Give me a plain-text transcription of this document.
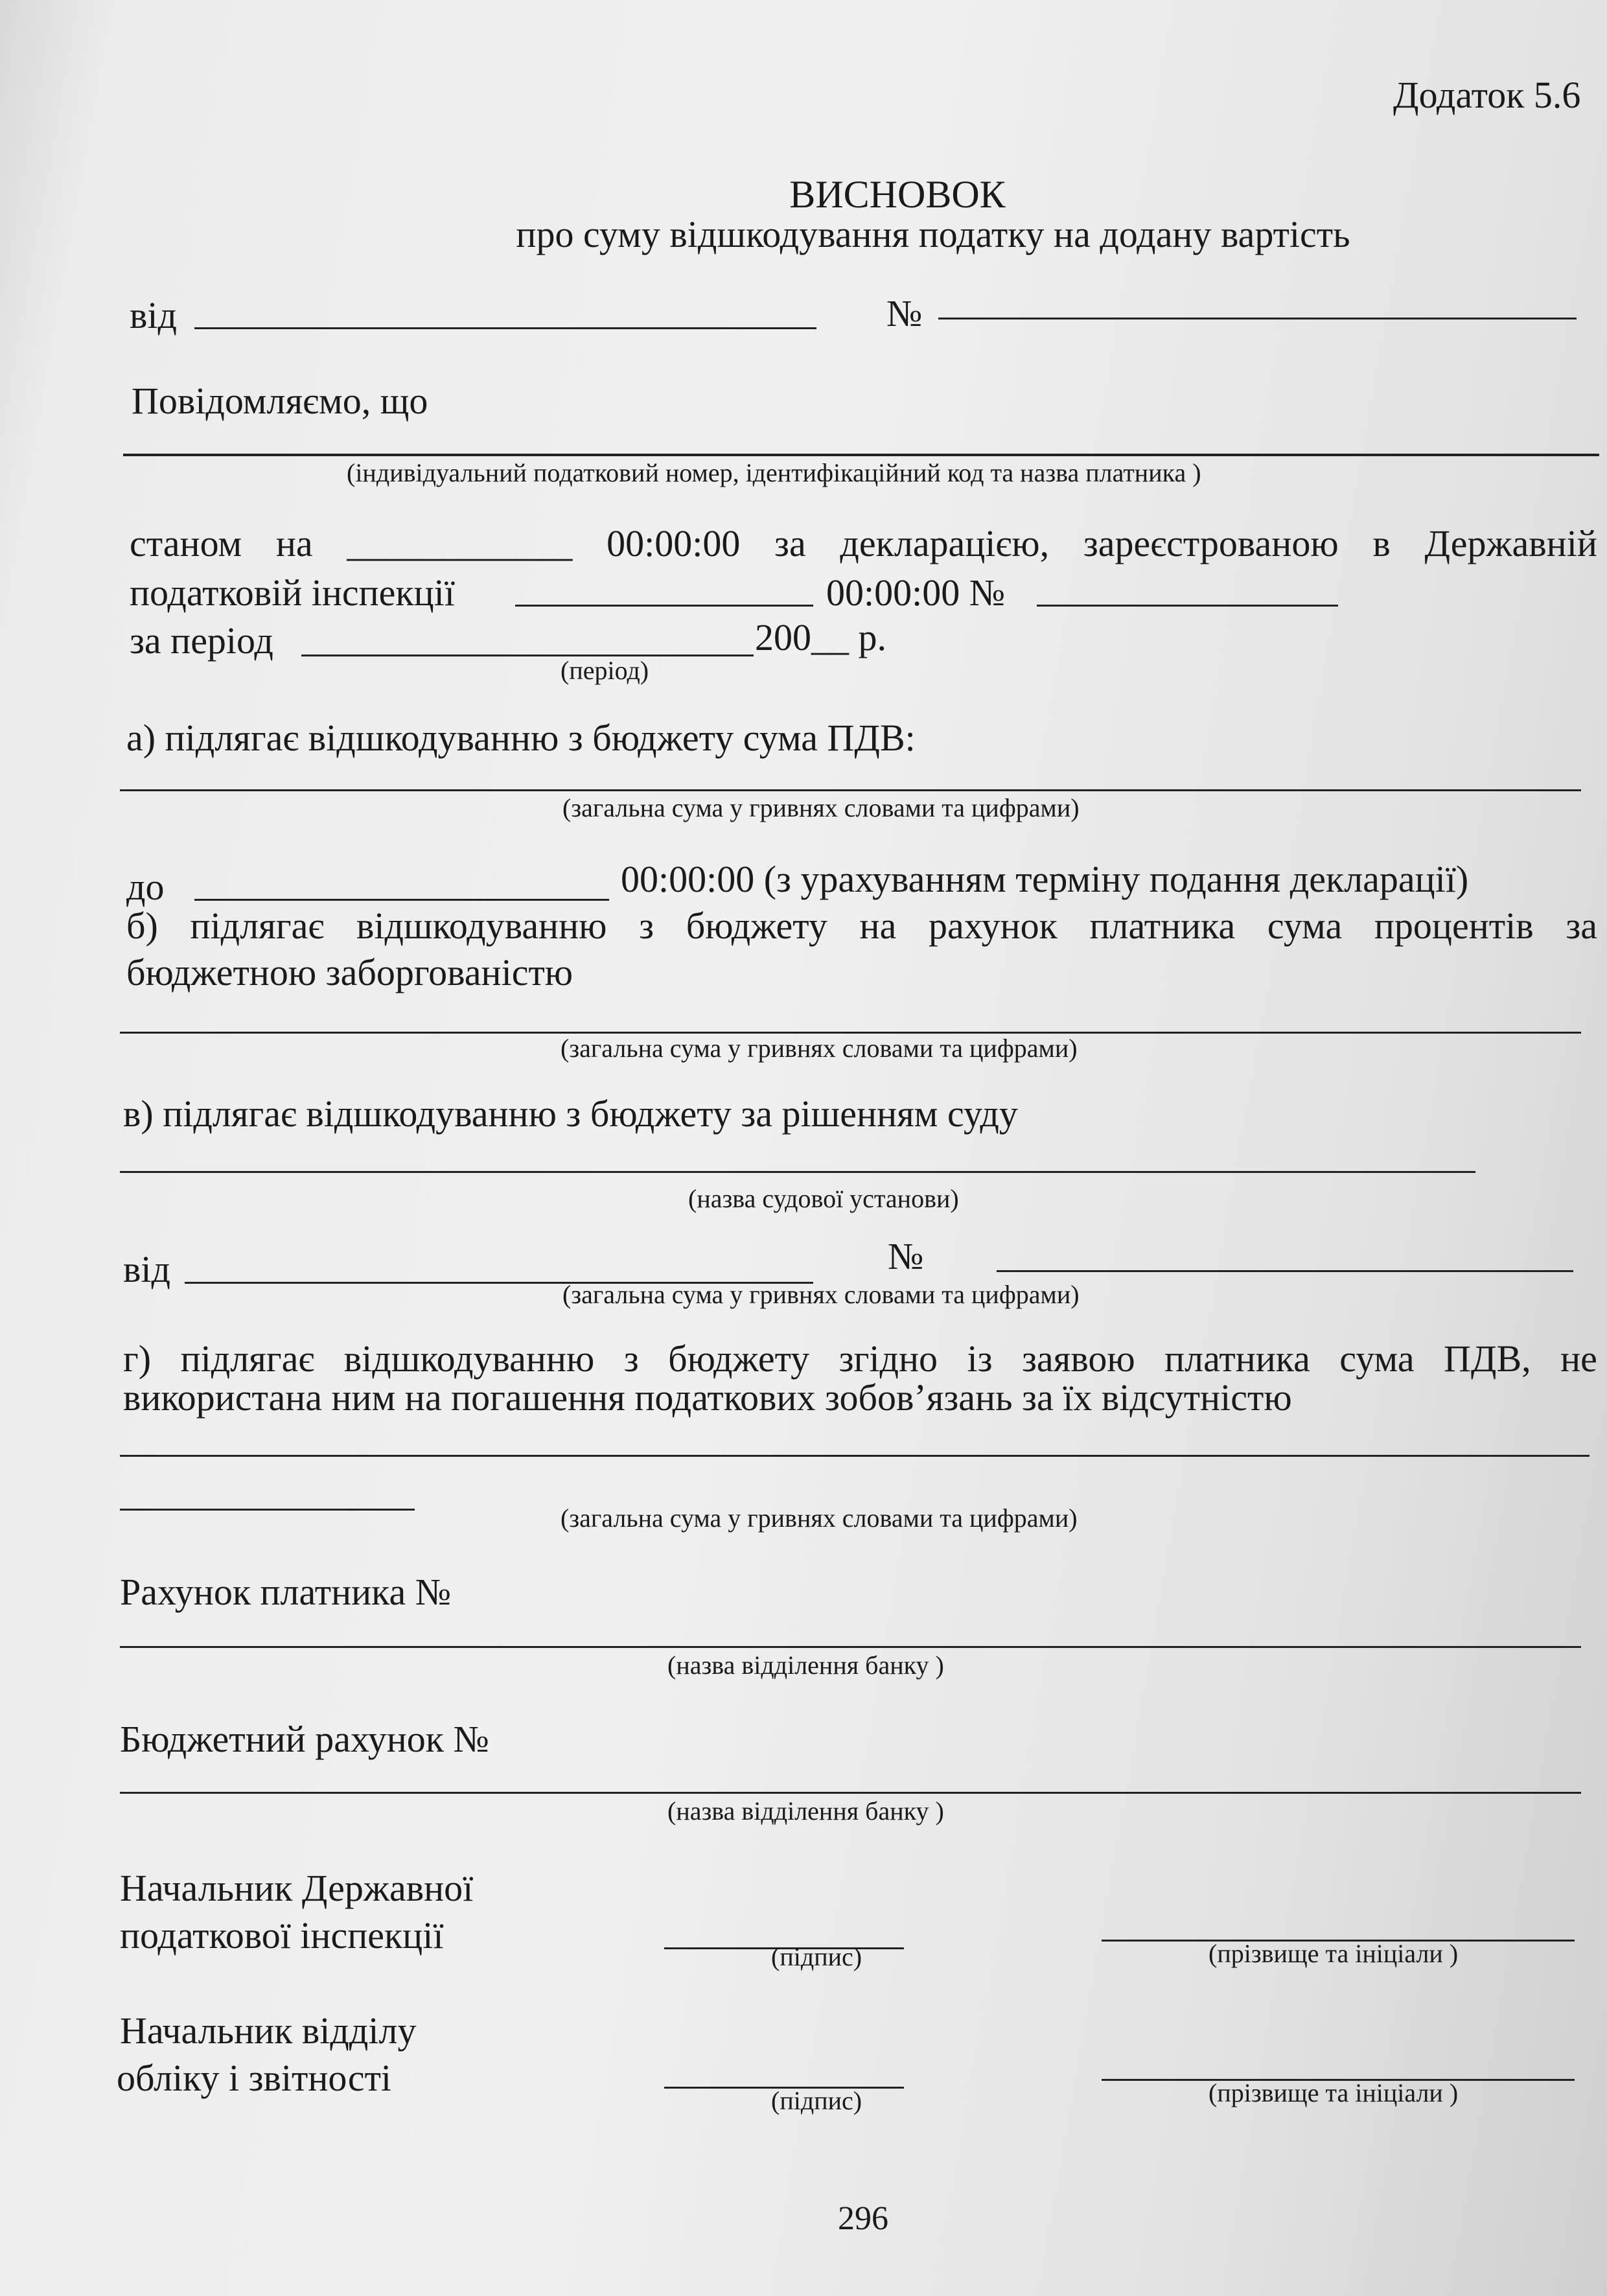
Додаток 5.6
ВИСНОВОК
про суму відшкодування податку на додану вартість
від	№
Повідомляємо, що
(індивідуальний податковий номер, ідентифікаційний код та назва платника )
станом на ____________ 00:00:00 за декларацією, зареєстрованою в Державній
податковій інспекції	00:00:00 №
за період	200__ р.
(період)
а) підлягає відшкодуванню з бюджету сума ПДВ:
(загальна сума у гривнях словами та цифрами)
до	00:00:00 (з урахуванням терміну подання декларації)
б) підлягає відшкодуванню з бюджету на рахунок платника сума процентів за
бюджетною заборгованістю
(загальна сума у гривнях словами та цифрами)
в) підлягає відшкодуванню з бюджету за рішенням суду
(назва судової установи)
від	№
(загальна сума у гривнях словами та цифрами)
г) підлягає відшкодуванню з бюджету згідно із заявою платника сума ПДВ, не
використана ним на погашення податкових зобов’язань за їх відсутністю
(загальна сума у гривнях словами та цифрами)
Рахунок платника №
(назва відділення банку )
Бюджетний рахунок №
(назва відділення банку )
Начальник Державної
податкової інспекції
(підпис)	(прізвище та ініціали )
Начальник відділу
обліку і звітності
(підпис)	(прізвище та ініціали )
296
